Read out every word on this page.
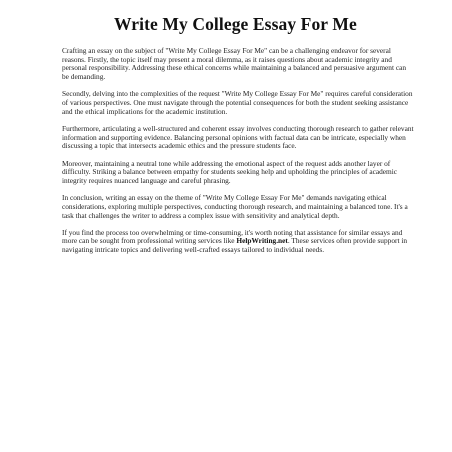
Write My College Essay For Me

Crafting an essay on the subject of "Write My College Essay For Me" can be a challenging endeavor for several reasons. Firstly, the topic itself may present a moral dilemma, as it raises questions about academic integrity and personal responsibility. Addressing these ethical concerns while maintaining a balanced and persuasive argument can be demanding.

Secondly, delving into the complexities of the request "Write My College Essay For Me" requires careful consideration of various perspectives. One must navigate through the potential consequences for both the student seeking assistance and the ethical implications for the academic institution.

Furthermore, articulating a well-structured and coherent essay involves conducting thorough research to gather relevant information and supporting evidence. Balancing personal opinions with factual data can be intricate, especially when discussing a topic that intersects academic ethics and the pressure students face.

Moreover, maintaining a neutral tone while addressing the emotional aspect of the request adds another layer of difficulty. Striking a balance between empathy for students seeking help and upholding the principles of academic integrity requires nuanced language and careful phrasing.

In conclusion, writing an essay on the theme of "Write My College Essay For Me" demands navigating ethical considerations, exploring multiple perspectives, conducting thorough research, and maintaining a balanced tone. It's a task that challenges the writer to address a complex issue with sensitivity and analytical depth.

If you find the process too overwhelming or time-consuming, it's worth noting that assistance for similar essays and more can be sought from professional writing services like HelpWriting.net. These services often provide support in navigating intricate topics and delivering well-crafted essays tailored to individual needs.
